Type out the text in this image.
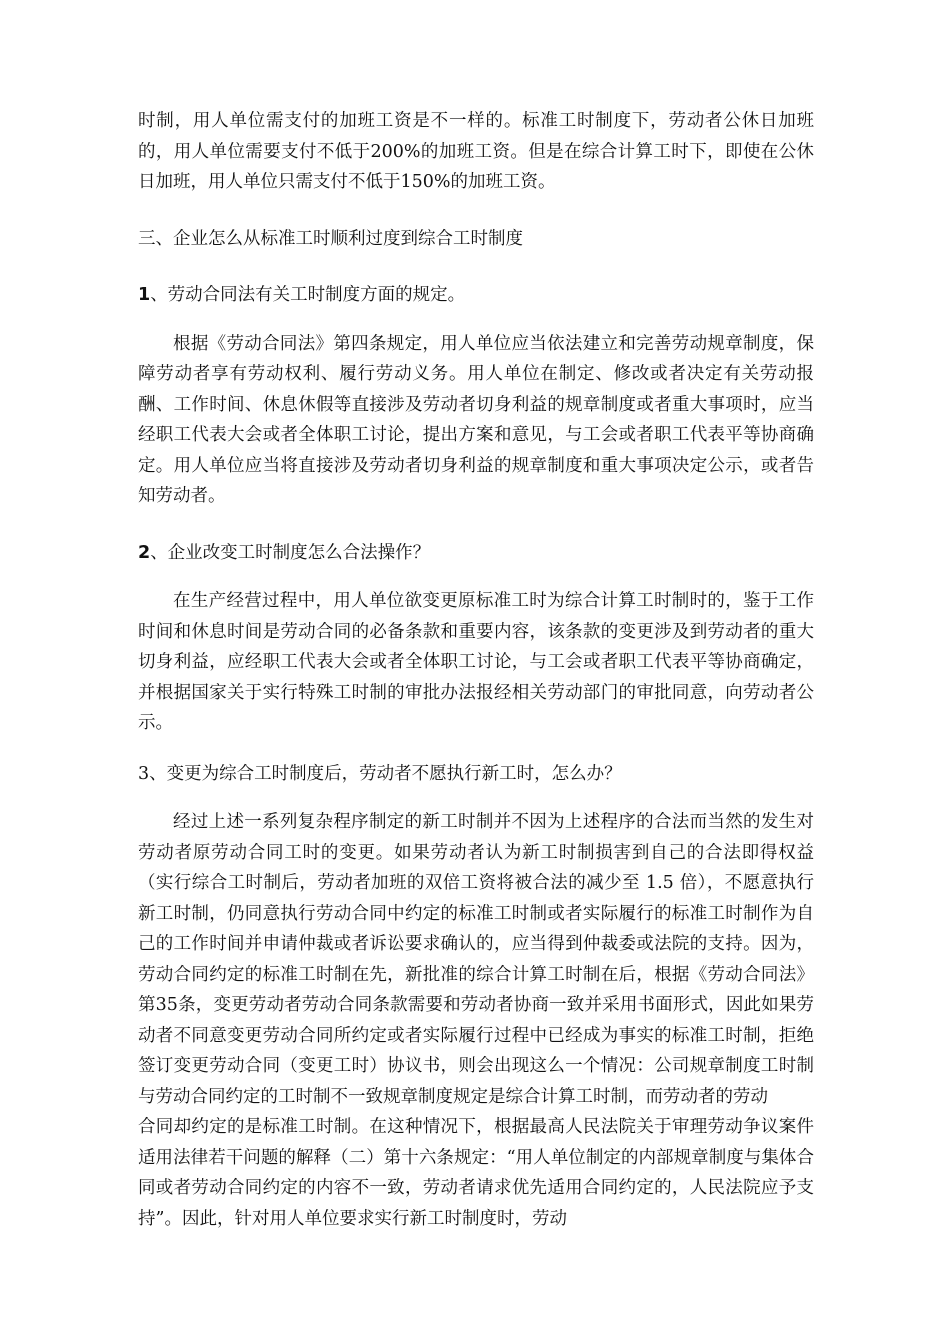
时制，用人单位需支付的加班工资是不一样的。标准工时制度下，劳动者公休日加班的，用人单位需要支付不低于200%的加班工资。但是在综合计算工时下，即使在公休日加班，用人单位只需支付不低于150%的加班工资。

三、企业怎么从标准工时顺利过度到综合工时制度

1、劳动合同法有关工时制度方面的规定。

根据《劳动合同法》第四条规定，用人单位应当依法建立和完善劳动规章制度，保障劳动者享有劳动权利、履行劳动义务。用人单位在制定、修改或者决定有关劳动报酬、工作时间、休息休假等直接涉及劳动者切身利益的规章制度或者重大事项时，应当经职工代表大会或者全体职工讨论，提出方案和意见，与工会或者职工代表平等协商确定。用人单位应当将直接涉及劳动者切身利益的规章制度和重大事项决定公示，或者告知劳动者。

2、企业改变工时制度怎么合法操作？

在生产经营过程中，用人单位欲变更原标准工时为综合计算工时制时的，鉴于工作时间和休息时间是劳动合同的必备条款和重要内容，该条款的变更涉及到劳动者的重大切身利益，应经职工代表大会或者全体职工讨论，与工会或者职工代表平等协商确定，并根据国家关于实行特殊工时制的审批办法报经相关劳动部门的审批同意，向劳动者公示。

3、变更为综合工时制度后，劳动者不愿执行新工时，怎么办？

经过上述一系列复杂程序制定的新工时制并不因为上述程序的合法而当然的发生对劳动者原劳动合同工时的变更。如果劳动者认为新工时制损害到自己的合法即得权益（实行综合工时制后，劳动者加班的双倍工资将被合法的减少至 1.5 倍），不愿意执行新工时制，仍同意执行劳动合同中约定的标准工时制或者实际履行的标准工时制作为自己的工作时间并申请仲裁或者诉讼要求确认的，应当得到仲裁委或法院的支持。因为，劳动合同约定的标准工时制在先，新批准的综合计算工时制在后，根据《劳动合同法》第35条，变更劳动者劳动合同条款需要和劳动者协商一致并采用书面形式，因此如果劳动者不同意变更劳动合同所约定或者实际履行过程中已经成为事实的标准工时制，拒绝签订变更劳动合同（变更工时）协议书，则会出现这么一个情况：公司规章制度工时制与劳动合同约定的工时制不一致规章制度规定是综合计算工时制，而劳动者的劳动

合同却约定的是标准工时制。在这种情况下，根据最高人民法院关于审理劳动争议案件适用法律若干问题的解释（二）第十六条规定：“用人单位制定的内部规章制度与集体合同或者劳动合同约定的内容不一致，劳动者请求优先适用合同约定的，人民法院应予支持”。因此，针对用人单位要求实行新工时制度时，劳动
